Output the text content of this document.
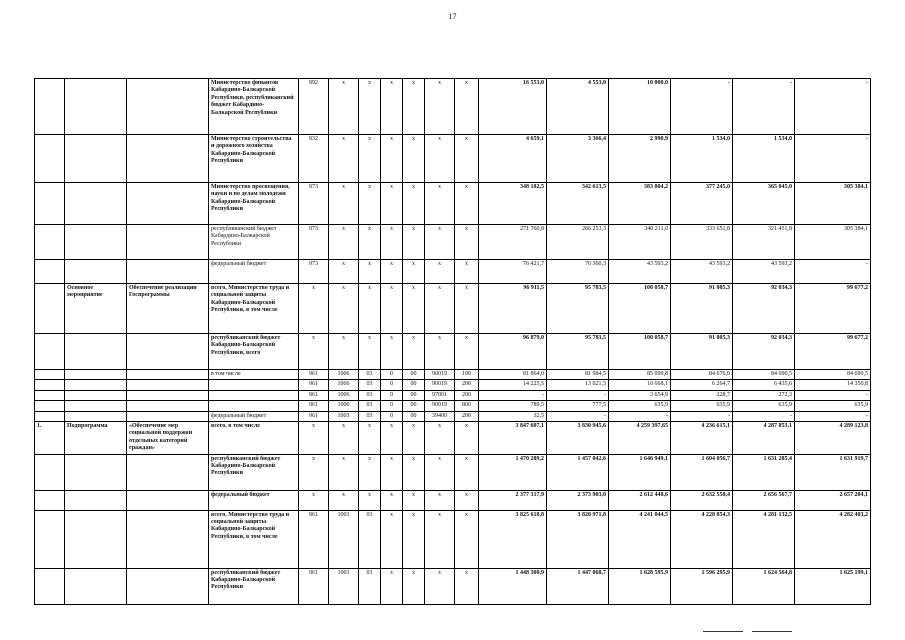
17
			Министерство финансов Кабардино-Балкарской Республики, республиканский бюджет Кабардино-Балкарской Республики	992	х	х	х	х	х	х	16 553,0	4 553,0	10 000,0	-	-	-
			Министерство строительства и дорожного хозяйства Кабардино-Балкарской Республики	932	х	х	х	х	х	х	4 659,1	3 366,4	2 990,9	1 534,0	1 534,0	-
			Министерство просвещения, науки и по делам молодежи Кабардино-Балкарской Республики	973	х	х	х	х	х	х	348 182,5	342 613,5	383 804,2	377 245,0	365 045,0	305 384,1
			республиканский бюджет Кабардино-Балкарской Республики	973	х	х	х	х	х	х	271 760,8	266 253,3	340 211,0	333 651,8	321 451,8	305 384,1
			федеральный бюджет	973	х	х	х	х	х	х	76 421,7	76 360,3	43 593,2	43 593,2	43 593,2	-
	Основное мероприятие	Обеспечение реализации Госпрограммы	всего, Министерство труда и социальной защиты Кабардино-Балкарской Республики, в том числе	х	х	х	х	х	х	х	96 911,5	95 783,5	100 058,7	91 805,3	92 034,3	99 677,2
			республиканский бюджет Кабардино-Балкарской Республики, всего	х	х	х	х	х	х	х	96 879,0	95 783,5	100 058,7	91 805,3	92 034,3	99 677,2
			в том числе	961	1006	03	0	00	90019	100	81 864,0	81 984,5	85 099,8	84 676,0	84 690,5	84 690,5
				961	1006	03	0	00	90019	200	14 225,5	13 021,5	10 668,1	6 264,7	6 435,6	14 350,8
				961	1006	03	0	00	97001	200	-	-	3 654,9	228,7	272,3	-
				961	1006	03	0	00	90019	800	789,5	777,5	635,9	635,9	635,9	635,9
			федеральный бюджет	961	1003	03	0	00	39400	200	32,5	-	-	-	-	-
1.	Подпрограмма	«Обеспечение мер социальной поддержки отдельных категорий граждан»	всего, в том числе	х	х	х	х	х	х	х	3 847 607,1	3 830 945,6	4 259 397,65	4 236 615,1	4 287 853,1	4 289 123,8
			республиканский бюджет Кабардино-Балкарской Республики	х	х	х	х	х	х	х	1 470 289,2	1 457 042,6	1 646 949,1	1 604 056,7	1 631 285,4	1 631 919,7
			федеральный бюджет	х	х	х	х	х	х	х	2 377 317,9	2 373 903,0	2 612 448,6	2 632 558,4	2 656 567,7	2 657 204,1
			всего, Министерство труда и социальной защиты Кабардино-Балкарской Республики, в том числе	961	1003	03	х	х	х	х	3 825 618,8	3 820 971,8	4 241 044,5	4 228 854,3	4 281 132,5	4 282 403,2
			республиканский бюджет Кабардино-Балкарской Республики	961	1003	03	х	х	х	х	1 448 300,9	1 447 068,7	1 628 595,9	1 596 295,9	1 624 564,8	1 625 199,1
